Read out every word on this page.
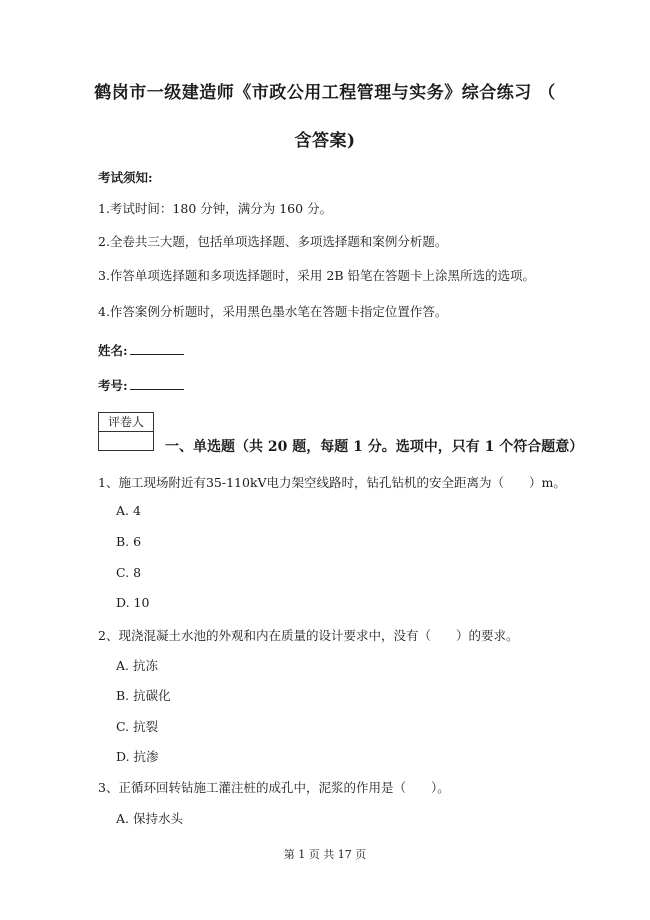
鹤岗市一级建造师《市政公用工程管理与实务》综合练习 （
含答案)
考试须知:
1.考试时间：180 分钟，满分为 160 分。
2.全卷共三大题，包括单项选择题、多项选择题和案例分析题。
3.作答单项选择题和多项选择题时，采用 2B 铅笔在答题卡上涂黑所选的选项。
4.作答案例分析题时，采用黑色墨水笔在答题卡指定位置作答。
姓名:
考号:
评卷人
一、单选题（共 20 题，每题 1 分。选项中，只有 1 个符合题意）
1、施工现场附近有35-110kV电力架空线路时，钻孔钻机的安全距离为（　　）m。
A. 4
B. 6
C. 8
D. 10
2、现浇混凝土水池的外观和内在质量的设计要求中，没有（　　）的要求。
A. 抗冻
B. 抗碳化
C. 抗裂
D. 抗渗
3、正循环回转钻施工灌注桩的成孔中，泥浆的作用是（　　）。
A. 保持水头
第 1 页 共 17 页
